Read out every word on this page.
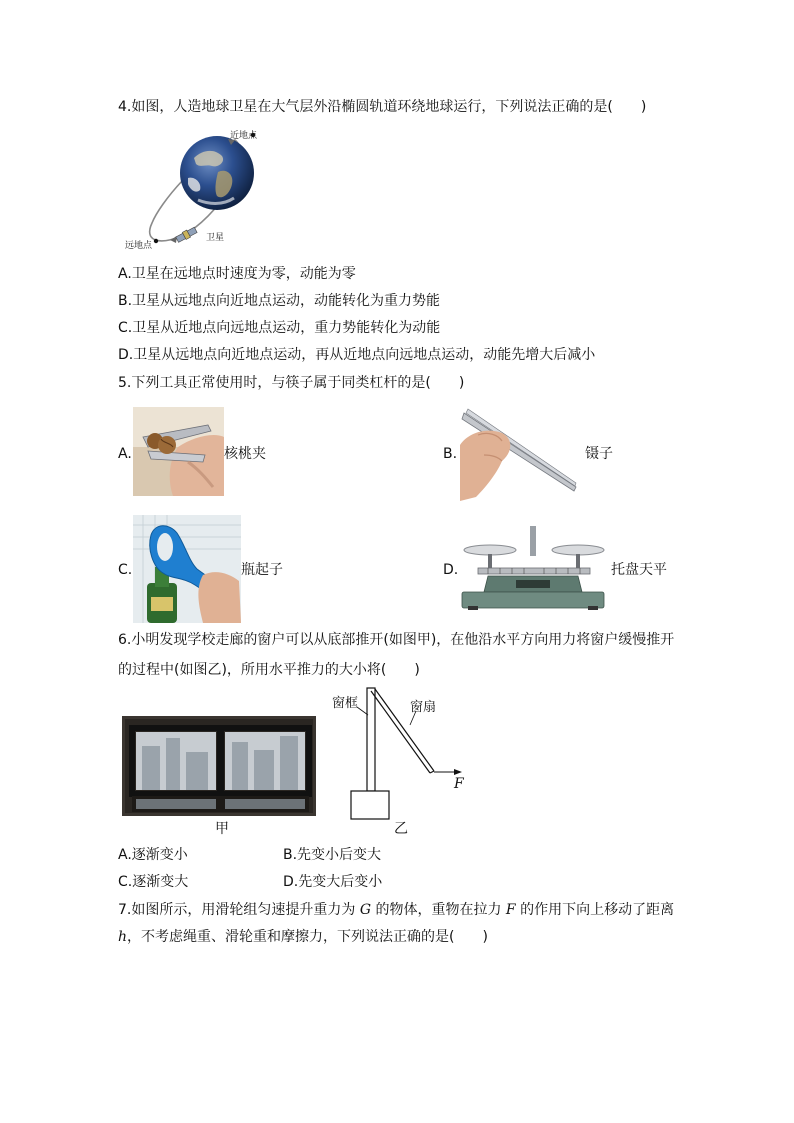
4.如图，人造地球卫星在大气层外沿椭圆轨道环绕地球运行，下列说法正确的是(　　)
近地点
远地点
卫星
A.卫星在远地点时速度为零，动能为零
B.卫星从远地点向近地点运动，动能转化为重力势能
C.卫星从近地点向远地点运动，重力势能转化为动能
D.卫星从远地点向近地点运动，再从近地点向远地点运动，动能先增大后减小
5.下列工具正常使用时，与筷子属于同类杠杆的是(　　)
A.	核桃夹	B.	镊子
C.	瓶起子	D.	托盘天平
6.小明发现学校走廊的窗户可以从底部推开(如图甲)，在他沿水平方向用力将窗户缓慢推开
的过程中(如图乙)，所用水平推力的大小将(　　)
甲
窗框	窗扇
F
乙
A.逐渐变小	B.先变小后变大
C.逐渐变大	D.先变大后变小
7.如图所示，用滑轮组匀速提升重力为 G 的物体，重物在拉力 F 的作用下向上移动了距离
h，不考虑绳重、滑轮重和摩擦力，下列说法正确的是(　　)
